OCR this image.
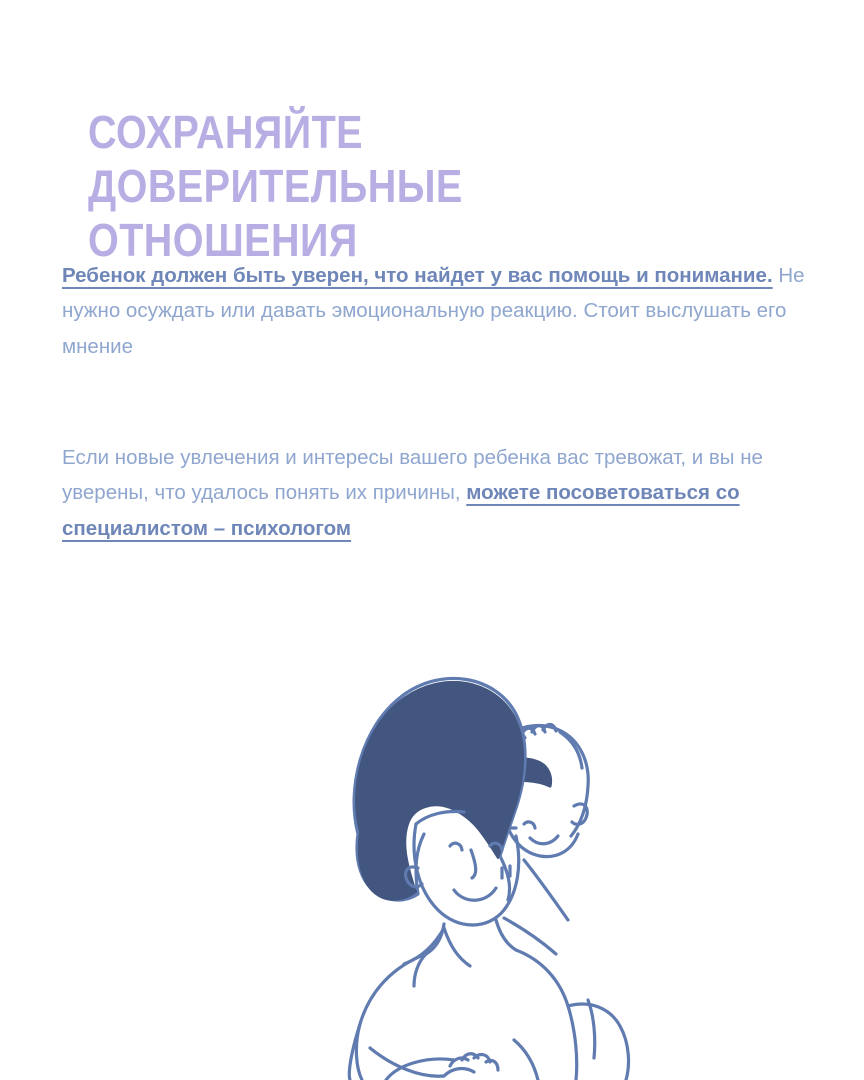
СОХРАНЯЙТЕ ДОВЕРИТЕЛЬНЫЕ ОТНОШЕНИЯ
Ребенок должен быть уверен, что найдет у вас помощь и понимание. Не нужно осуждать или давать эмоциональную реакцию. Стоит выслушать его мнение
Если новые увлечения и интересы вашего ребенка вас тревожат, и вы не уверены, что удалось понять их причины, можете посоветоваться со специалистом – психологом
